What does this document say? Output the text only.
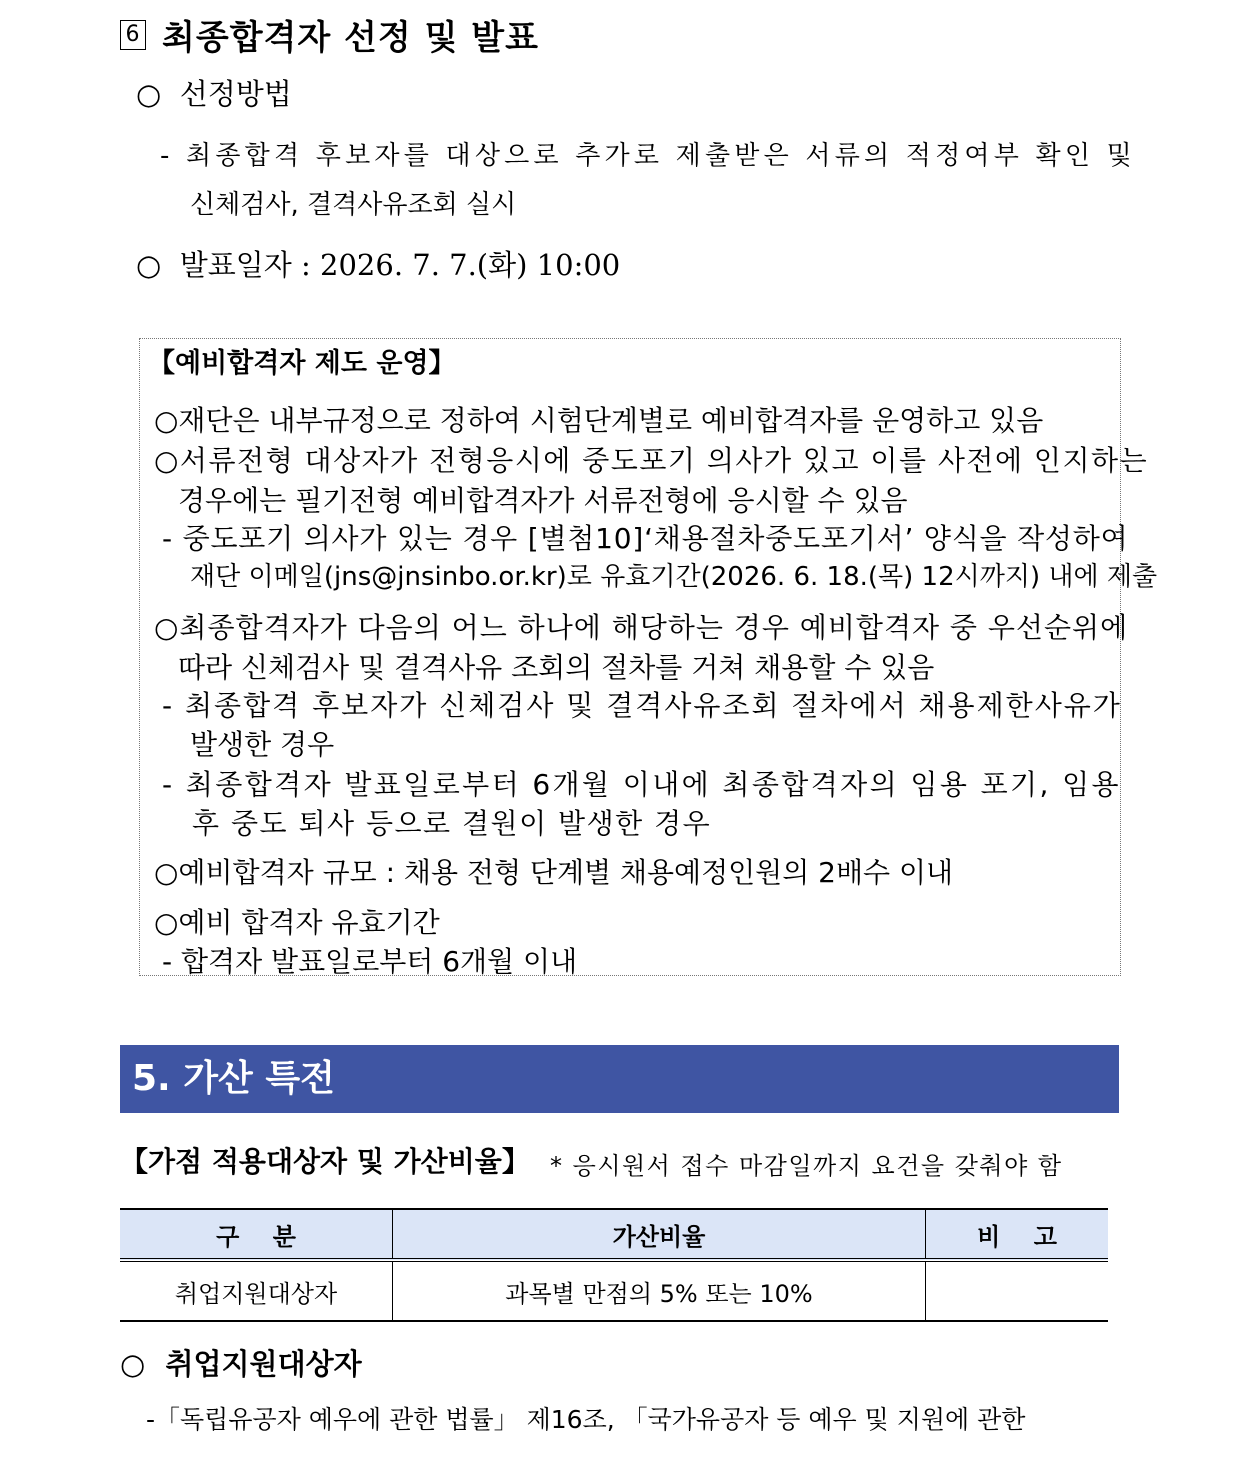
6 최종합격자 선정 및 발표
○ 선정방법
- 최종합격 후보자를 대상으로 추가로 제출받은 서류의 적정여부 확인 및
신체검사, 결격사유조회 실시
○ 발표일자 : 2026. 7. 7.(화) 10:00
【예비합격자 제도 운영】
○재단은 내부규정으로 정하여 시험단계별로 예비합격자를 운영하고 있음
○서류전형 대상자가 전형응시에 중도포기 의사가 있고 이를 사전에 인지하는
경우에는 필기전형 예비합격자가 서류전형에 응시할 수 있음
- 중도포기 의사가 있는 경우 [별첨10]‘채용절차중도포기서’ 양식을 작성하여
재단 이메일(jns@jnsinbo.or.kr)로 유효기간(2026. 6. 18.(목) 12시까지) 내에 제출
○최종합격자가 다음의 어느 하나에 해당하는 경우 예비합격자 중 우선순위에
따라 신체검사 및 결격사유 조회의 절차를 거쳐 채용할 수 있음
- 최종합격 후보자가 신체검사 및 결격사유조회 절차에서 채용제한사유가
발생한 경우
- 최종합격자 발표일로부터 6개월 이내에 최종합격자의 임용 포기, 임용
후 중도 퇴사 등으로 결원이 발생한 경우
○예비합격자 규모 : 채용 전형 단계별 채용예정인원의 2배수 이내
○예비 합격자 유효기간
- 합격자 발표일로부터 6개월 이내
5. 가산 특전
【가점 적용대상자 및 가산비율】 * 응시원서 접수 마감일까지 요건을 갖춰야 함
구    분	가산비율	비    고
취업지원대상자	과목별 만점의 5% 또는 10%	
○ 취업지원대상자
-「독립유공자 예우에 관한 법률」 제16조, 「국가유공자 등 예우 및 지원에 관한
